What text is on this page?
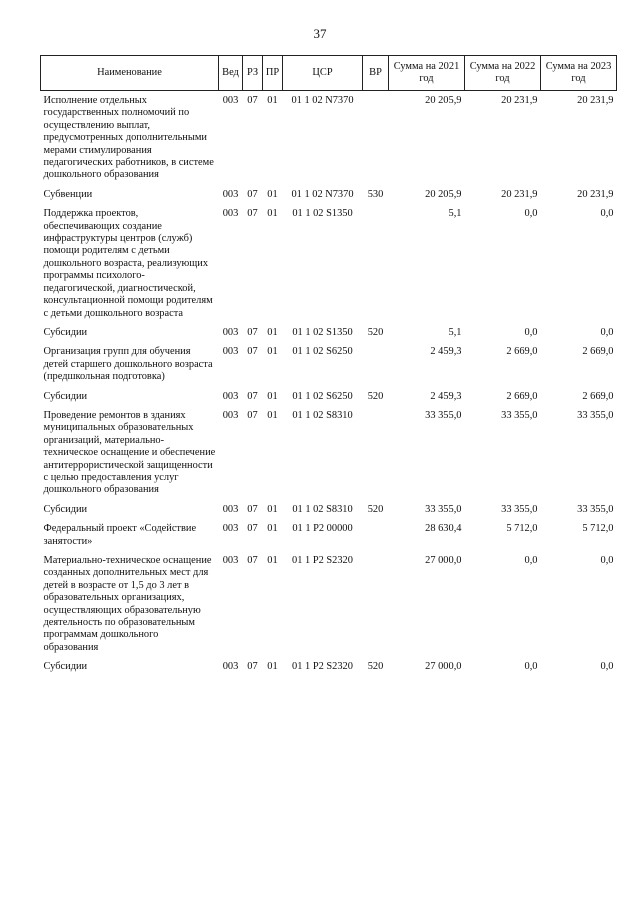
37
Наименование	Вед	РЗ	ПР	ЦСР	ВР	Сумма на 2021 год	Сумма на 2022 год	Сумма на 2023 год
Исполнение отдельных государственных полномочий по осуществлению выплат, предусмотренных дополнительными мерами стимулирования педагогических работников, в системе дошкольного образования	003	07	01	01 1 02 N7370		20 205,9	20 231,9	20 231,9
Субвенции	003	07	01	01 1 02 N7370	530	20 205,9	20 231,9	20 231,9
Поддержка проектов, обеспечивающих создание инфраструктуры центров (служб) помощи родителям с детьми дошкольного возраста, реализующих программы психолого-педагогической, диагностической, консультационной помощи родителям с детьми дошкольного возраста	003	07	01	01 1 02 S1350		5,1	0,0	0,0
Субсидии	003	07	01	01 1 02 S1350	520	5,1	0,0	0,0
Организация групп для обучения детей старшего дошкольного возраста (предшкольная подготовка)	003	07	01	01 1 02 S6250		2 459,3	2 669,0	2 669,0
Субсидии	003	07	01	01 1 02 S6250	520	2 459,3	2 669,0	2 669,0
Проведение ремонтов в зданиях муниципальных образовательных организаций, материально-техническое оснащение и обеспечение антитеррористической защищенности с целью предоставления услуг дошкольного образования	003	07	01	01 1 02 S8310		33 355,0	33 355,0	33 355,0
Субсидии	003	07	01	01 1 02 S8310	520	33 355,0	33 355,0	33 355,0
Федеральный проект «Содействие занятости»	003	07	01	01 1 P2 00000		28 630,4	5 712,0	5 712,0
Материально-техническое оснащение созданных дополнительных мест для детей в возрасте от 1,5 до 3 лет в образовательных организациях, осуществляющих образовательную деятельность по образовательным программам дошкольного образования	003	07	01	01 1 P2 S2320		27 000,0	0,0	0,0
Субсидии	003	07	01	01 1 P2 S2320	520	27 000,0	0,0	0,0
